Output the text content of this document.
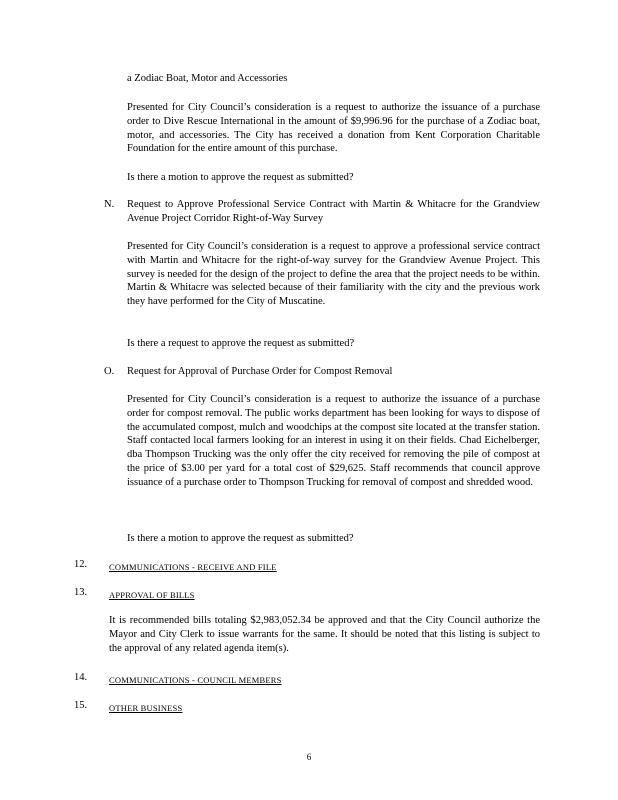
a Zodiac Boat, Motor and Accessories
Presented for City Council’s consideration is a request to authorize the issuance of a purchase order to Dive Rescue International in the amount of $9,996.96 for the purchase of a Zodiac boat, motor, and accessories. The City has received a donation from Kent Corporation Charitable Foundation for the entire amount of this purchase.
Is there a motion to approve the request as submitted?
N. Request to Approve Professional Service Contract with Martin & Whitacre for the Grandview Avenue Project Corridor Right-of-Way Survey
Presented for City Council’s consideration is a request to approve a professional service contract with Martin and Whitacre for the right-of-way survey for the Grandview Avenue Project. This survey is needed for the design of the project to define the area that the project needs to be within. Martin & Whitacre was selected because of their familiarity with the city and the previous work they have performed for the City of Muscatine.
Is there a request to approve the request as submitted?
O. Request for Approval of Purchase Order for Compost Removal
Presented for City Council’s consideration is a request to authorize the issuance of a purchase order for compost removal. The public works department has been looking for ways to dispose of the accumulated compost, mulch and woodchips at the compost site located at the transfer station. Staff contacted local farmers looking for an interest in using it on their fields. Chad Eichelberger, dba Thompson Trucking was the only offer the city received for removing the pile of compost at the price of $3.00 per yard for a total cost of $29,625. Staff recommends that council approve issuance of a purchase order to Thompson Trucking for removal of compost and shredded wood.
Is there a motion to approve the request as submitted?
12.	COMMUNICATIONS - RECEIVE AND FILE
13.	APPROVAL OF BILLS
It is recommended bills totaling $2,983,052.34 be approved and that the City Council authorize the Mayor and City Clerk to issue warrants for the same. It should be noted that this listing is subject to the approval of any related agenda item(s).
14.	COMMUNICATIONS - COUNCIL MEMBERS
15.	OTHER BUSINESS
6
